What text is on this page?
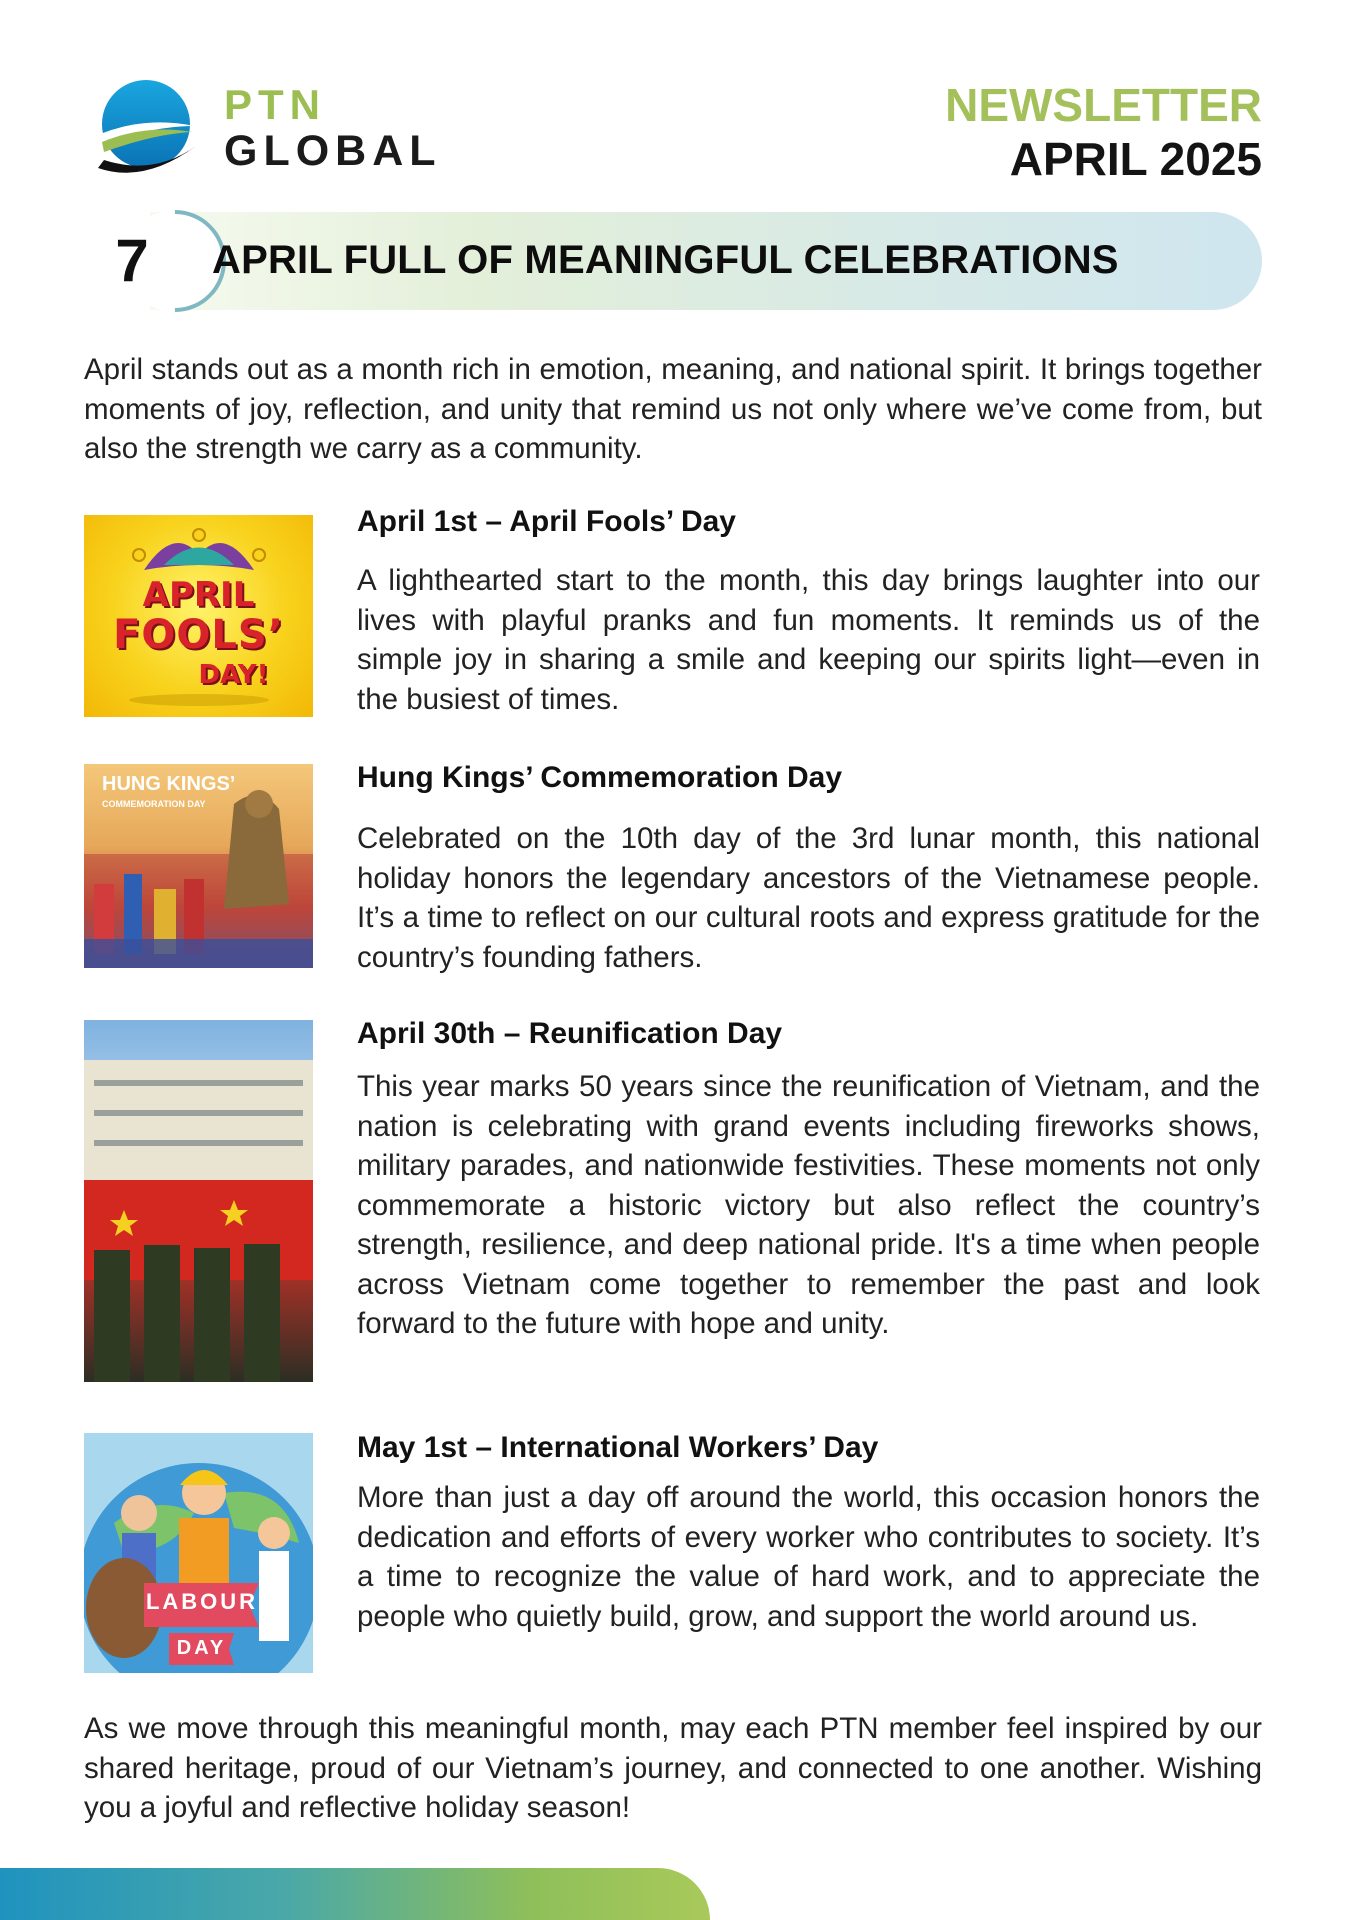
PTN
GLOBAL
NEWSLETTER
APRIL 2025
7	APRIL FULL OF MEANINGFUL CELEBRATIONS

April stands out as a month rich in emotion, meaning, and national spirit. It brings together moments of joy, reflection, and unity that remind us not only where we’ve come from, but also the strength we carry as a community.

APRIL
FOOLS’
DAY!
April 1st – April Fools’ Day

A lighthearted start to the month, this day brings laughter into our lives with playful pranks and fun moments. It reminds us of the simple joy in sharing a smile and keeping our spirits light—even in the busiest of times.

HUNG KINGS’
COMMEMORATION DAY
Hung Kings’ Commemoration Day

Celebrated on the 10th day of the 3rd lunar month, this national holiday honors the legendary ancestors of the Vietnamese people. It’s a time to reflect on our cultural roots and express gratitude for the country’s founding fathers.

April 30th – Reunification Day

This year marks 50 years since the reunification of Vietnam, and the nation is celebrating with grand events including fireworks shows, military parades, and nationwide festivities. These moments not only commemorate a historic victory but also reflect the country’s strength, resilience, and deep national pride. It's a time when people across Vietnam come together to remember the past and look forward to the future with hope and unity.

LABOUR
DAY
May 1st – International Workers’ Day

More than just a day off around the world, this occasion honors the dedication and efforts of every worker who contributes to society. It’s a time to recognize the value of hard work, and to appreciate the people who quietly build, grow, and support the world around us.

As we move through this meaningful month, may each PTN member feel inspired by our shared heritage, proud of our Vietnam’s journey, and connected to one another. Wishing you a joyful and reflective holiday season!
